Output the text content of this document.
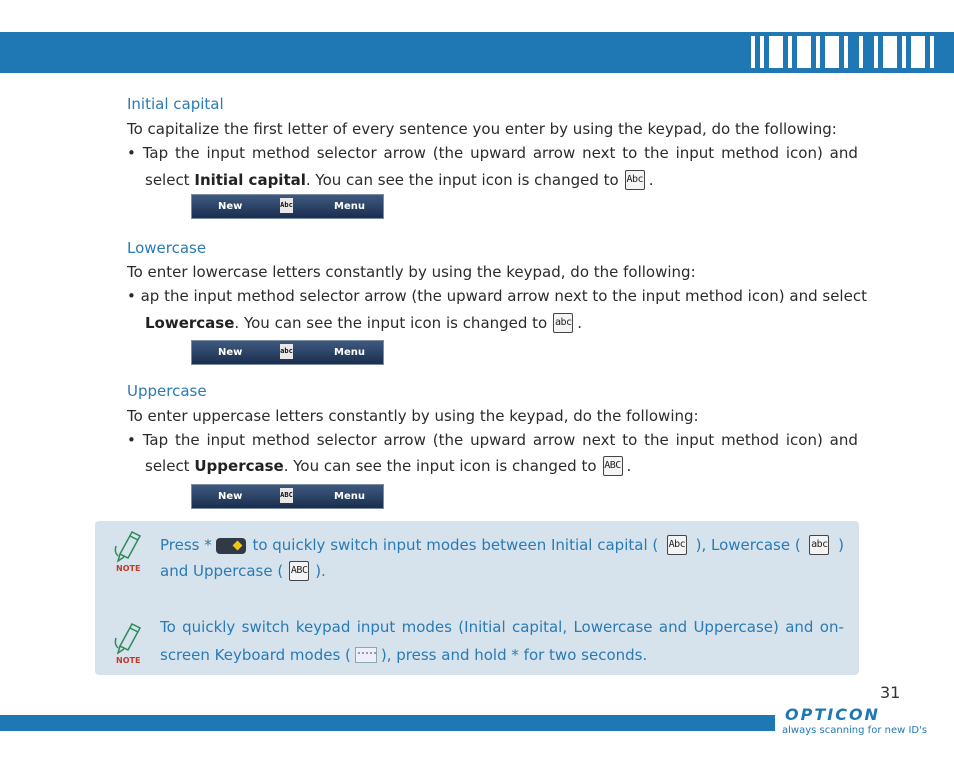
Initial capital
To capitalize the first letter of every sentence you enter by using the keypad, do the following:
• Tap the input method selector arrow (the upward arrow next to the input method icon) and
select
Initial capital . You can see the input icon is changed to Abc .
New	Abc	Menu
Lowercase
To enter lowercase letters constantly by using the keypad, do the following:
• ap the input method selector arrow (the upward arrow next to the input method icon) and select
Lowercase . You can see the input icon is changed to abc .
New	abc	Menu
Uppercase
To enter uppercase letters constantly by using the keypad, do the following:
• Tap the input method selector arrow (the upward arrow next to the input method icon) and
select
Uppercase . You can see the input icon is changed to ABC .
New	ABC	Menu
NOTE
Press *	to quickly switch input modes between Initial capital ( Abc ), Lowercase ( abc )
and Uppercase ( ABC ).
NOTE
To quickly switch keypad input modes (Initial capital, Lowercase and Uppercase) and on-
screen Keyboard modes ( ), press and hold * for two seconds.
31
OPTICON
always scanning for new ID's
